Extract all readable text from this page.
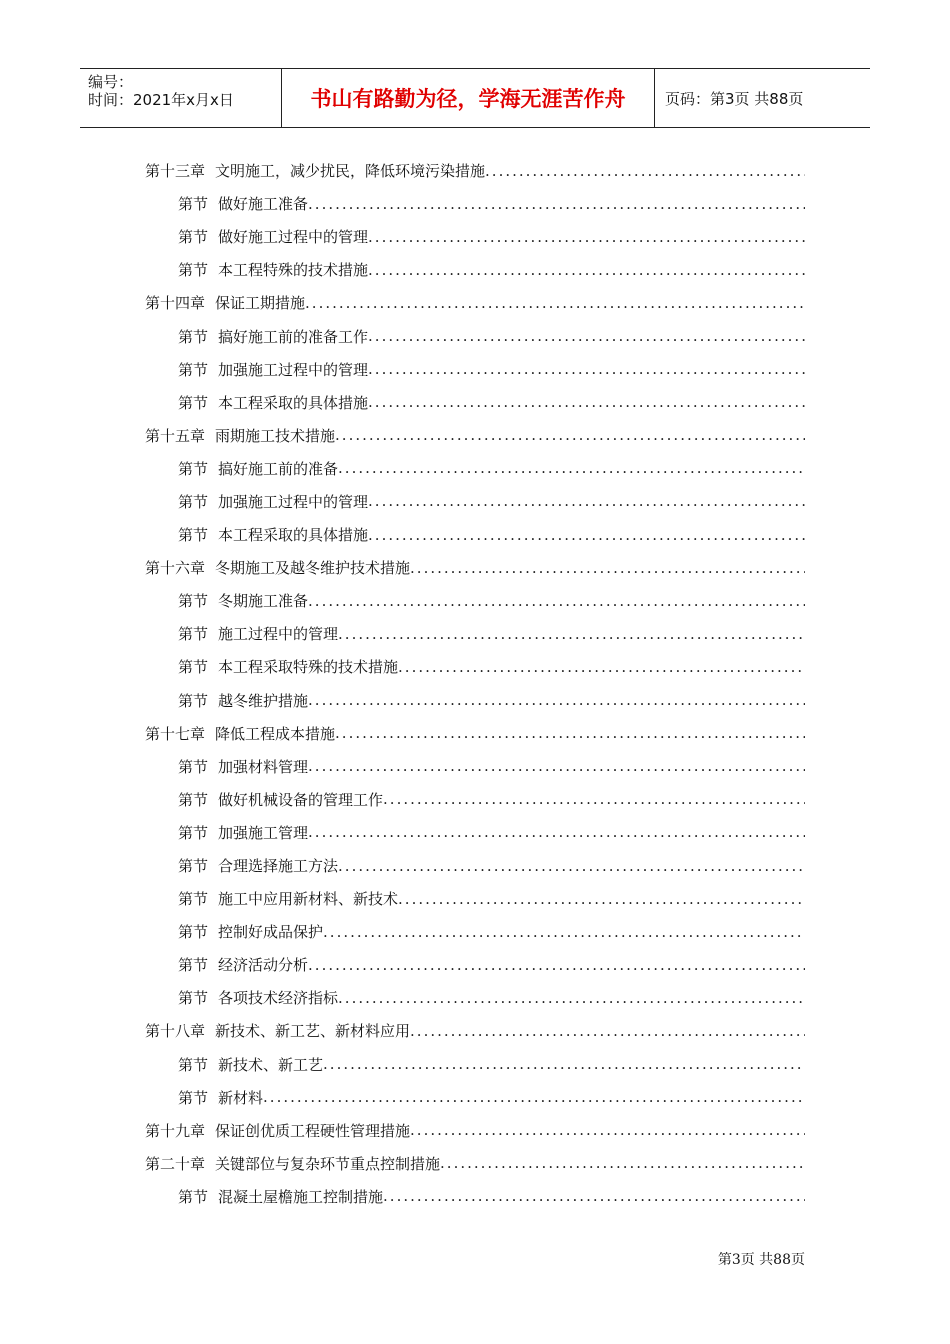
编号：
时间：2021年x月x日	书山有路勤为径，学海无涯苦作舟	页码：第3页 共88页
第十三章 文明施工，减少扰民，降低环境污染措施
.....
第节 做好施工准备
.....
第节 做好施工过程中的管理
.....
第节 本工程特殊的技术措施
.....
第十四章 保证工期措施
.....
第节 搞好施工前的准备工作
.....
第节 加强施工过程中的管理
.....
第节 本工程采取的具体措施
.....
第十五章 雨期施工技术措施
.....
第节 搞好施工前的准备
.....
第节 加强施工过程中的管理
.....
第节 本工程采取的具体措施
.....
第十六章 冬期施工及越冬维护技术措施
.....
第节 冬期施工准备
.....
第节 施工过程中的管理
.....
第节 本工程采取特殊的技术措施
.....
第节 越冬维护措施
.....
第十七章 降低工程成本措施
.....
第节 加强材料管理
.....
第节 做好机械设备的管理工作
.....
第节 加强施工管理
.....
第节 合理选择施工方法
.....
第节 施工中应用新材料、新技术
.....
第节 控制好成品保护
.....
第节 经济活动分析
.....
第节 各项技术经济指标
.....
第十八章 新技术、新工艺、新材料应用
.....
第节 新技术、新工艺
.....
第节 新材料
.....
第十九章 保证创优质工程硬性管理措施
.....
第二十章 关键部位与复杂环节重点控制措施
.....
第节 混凝土屋檐施工控制措施
.....
第3页 共88页
